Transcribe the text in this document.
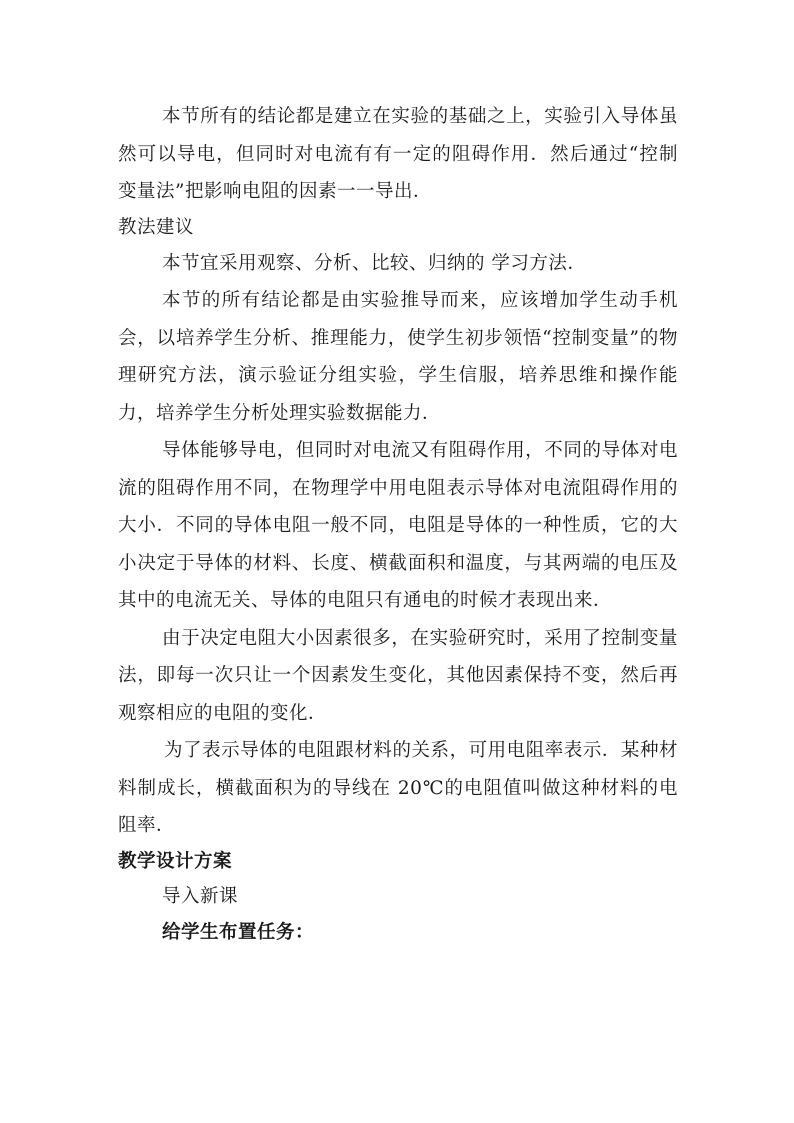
本节所有的结论都是建立在实验的基础之上，实验引入导体虽然可以导电，但同时对电流有有一定的阻碍作用．然后通过“控制变量法”把影响电阻的因素一一导出．

教法建议

本节宜采用观察、分析、比较、归纳的 学习方法．

本节的所有结论都是由实验推导而来，应该增加学生动手机会，以培养学生分析、推理能力，使学生初步领悟“控制变量”的物理研究方法，演示验证分组实验，学生信服，培养思维和操作能力，培养学生分析处理实验数据能力．

导体能够导电，但同时对电流又有阻碍作用，不同的导体对电流的阻碍作用不同，在物理学中用电阻表示导体对电流阻碍作用的大小．不同的导体电阻一般不同，电阻是导体的一种性质，它的大小决定于导体的材料、长度、横截面积和温度，与其两端的电压及其中的电流无关、导体的电阻只有通电的时候才表现出来．

由于决定电阻大小因素很多，在实验研究时，采用了控制变量法，即每一次只让一个因素发生变化，其他因素保持不变，然后再观察相应的电阻的变化．

为了表示导体的电阻跟材料的关系，可用电阻率表示．某种材料制成长，横截面积为的导线在 20℃的电阻值叫做这种材料的电阻率．

教学设计方案

导入新课

给学生布置任务：
